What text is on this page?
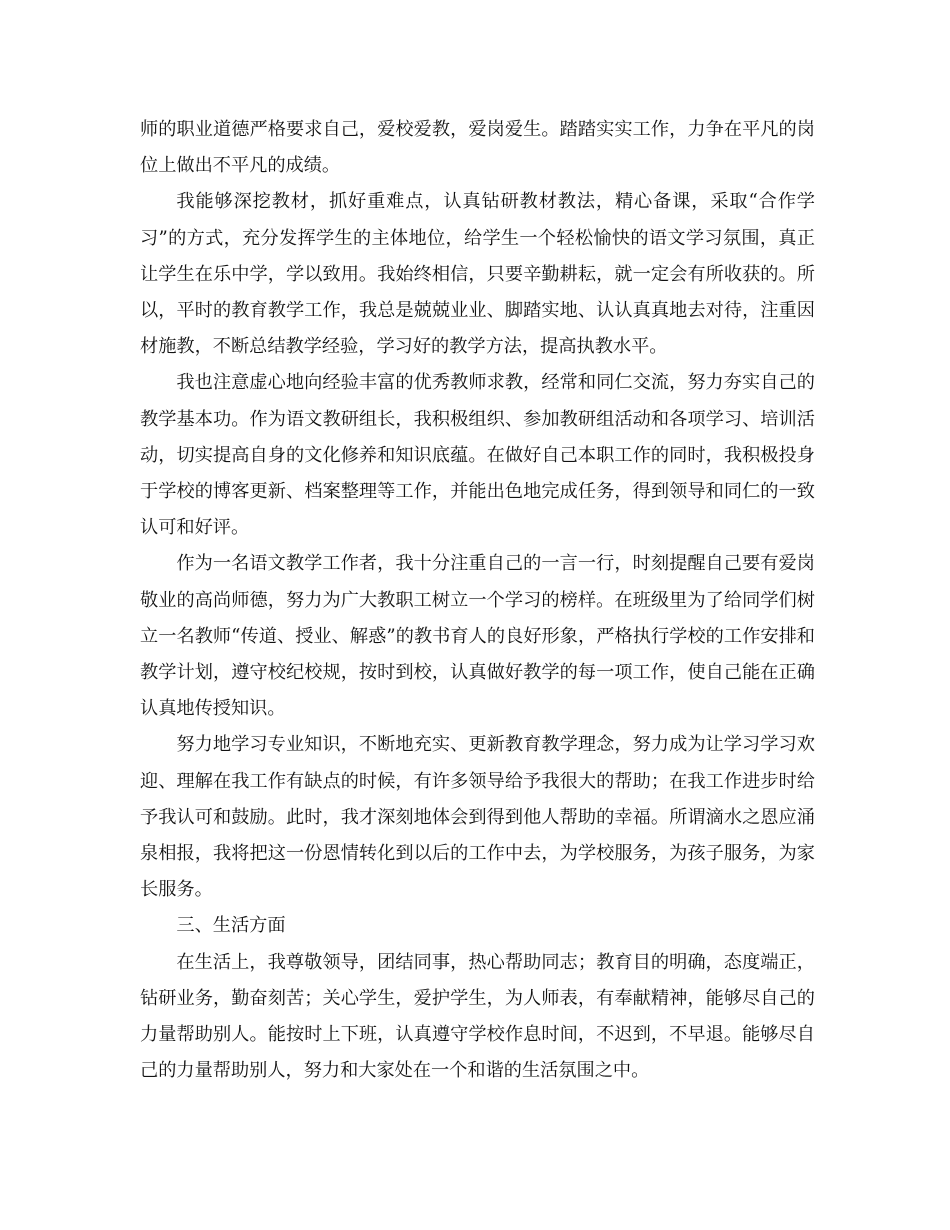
师的职业道德严格要求自己，爱校爱教，爱岗爱生。踏踏实实工作，力争在平凡的岗位上做出不平凡的成绩。

我能够深挖教材，抓好重难点，认真钻研教材教法，精心备课，采取“合作学习”的方式，充分发挥学生的主体地位，给学生一个轻松愉快的语文学习氛围，真正让学生在乐中学，学以致用。我始终相信，只要辛勤耕耘，就一定会有所收获的。所以，平时的教育教学工作，我总是兢兢业业、脚踏实地、认认真真地去对待，注重因材施教，不断总结教学经验，学习好的教学方法，提高执教水平。

我也注意虚心地向经验丰富的优秀教师求教，经常和同仁交流，努力夯实自己的教学基本功。作为语文教研组长，我积极组织、参加教研组活动和各项学习、培训活动，切实提高自身的文化修养和知识底蕴。在做好自己本职工作的同时，我积极投身于学校的博客更新、档案整理等工作，并能出色地完成任务，得到领导和同仁的一致认可和好评。

作为一名语文教学工作者，我十分注重自己的一言一行，时刻提醒自己要有爱岗敬业的高尚师德，努力为广大教职工树立一个学习的榜样。在班级里为了给同学们树立一名教师“传道、授业、解惑”的教书育人的良好形象，严格执行学校的工作安排和教学计划，遵守校纪校规，按时到校，认真做好教学的每一项工作，使自己能在正确认真地传授知识。

努力地学习专业知识，不断地充实、更新教育教学理念，努力成为让学习学习欢迎、理解在我工作有缺点的时候，有许多领导给予我很大的帮助；在我工作进步时给予我认可和鼓励。此时，我才深刻地体会到得到他人帮助的幸福。所谓滴水之恩应涌泉相报，我将把这一份恩情转化到以后的工作中去，为学校服务，为孩子服务，为家长服务。

三、生活方面

在生活上，我尊敬领导，团结同事，热心帮助同志；教育目的明确，态度端正，钻研业务，勤奋刻苦；关心学生，爱护学生，为人师表，有奉献精神，能够尽自己的力量帮助别人。能按时上下班，认真遵守学校作息时间，不迟到，不早退。能够尽自己的力量帮助别人，努力和大家处在一个和谐的生活氛围之中。
